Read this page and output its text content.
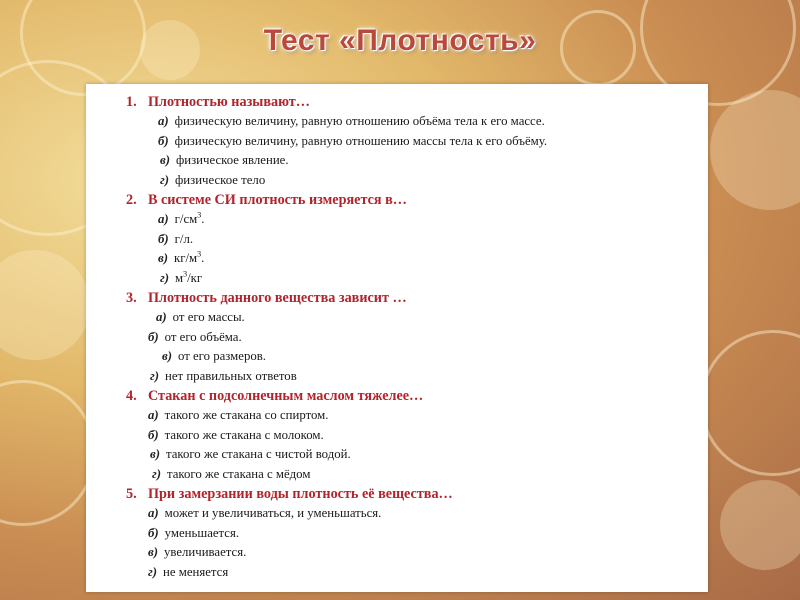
Тест «Плотность»
1. Плотностью называют…
а) физическую величину, равную отношению объёма тела к его массе.
б) физическую величину, равную отношению массы тела к его объёму.
в) физическое явление.
г) физическое тело
2. В системе СИ плотность измеряется в…
а) $г/см^3$.
б) г/л.
в) $кг/м^3$.
г) $м^3/кг$
3. Плотность данного вещества зависит …
а) от его массы.
б) от его объёма.
в) от его размеров.
г) нет правильных ответов
4. Стакан с подсолнечным маслом тяжелее…
а) такого же стакана со спиртом.
б) такого же стакана с молоком.
в) такого же стакана с чистой водой.
г) такого же стакана с мёдом
5. При замерзании воды плотность её вещества…
а) может и увеличиваться, и уменьшаться.
б) уменьшается.
в) увеличивается.
г) не меняется
